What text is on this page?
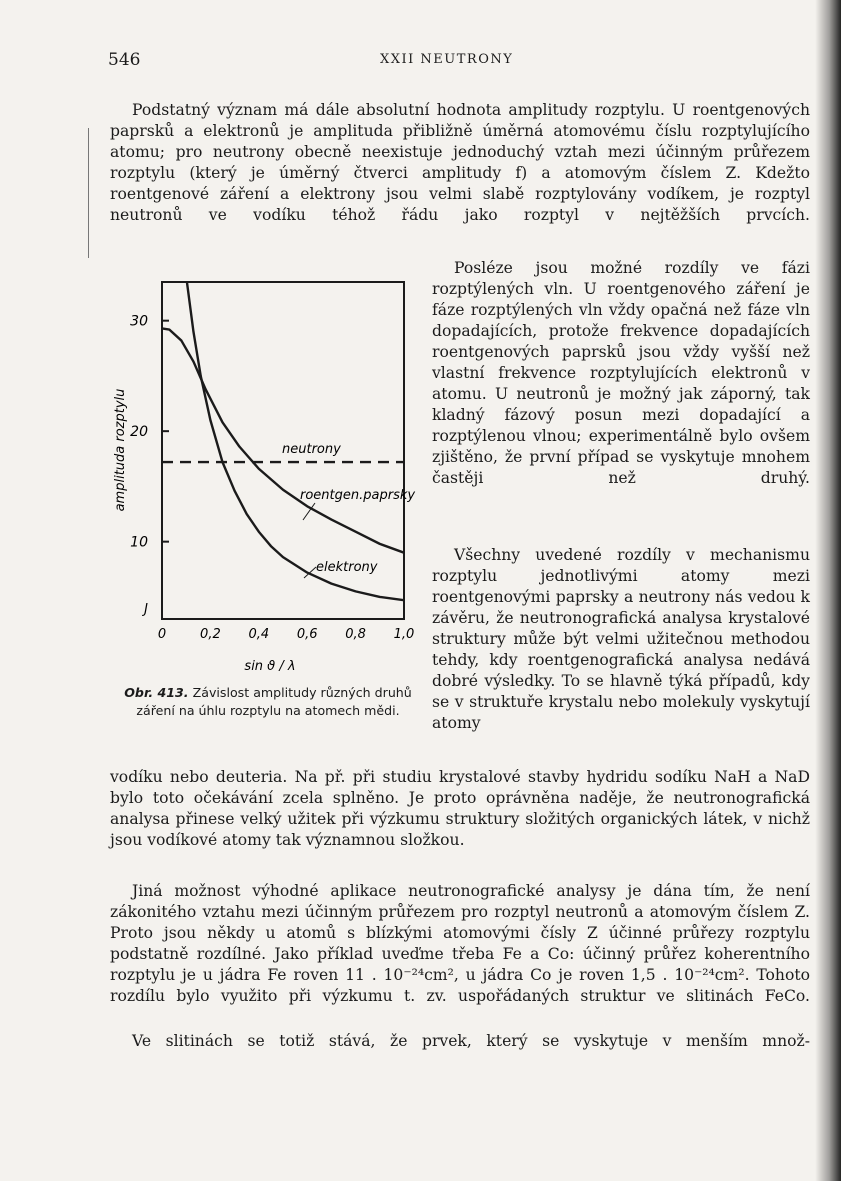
546	XXII NEUTRONY

Podstatný význam má dále absolutní hodnota amplitudy rozptylu. U roentgenových paprsků a elektronů je amplituda přibližně úměrná atomovému číslu rozptylujícího atomu; pro neutrony obecně neexistuje jednoduchý vztah mezi účinným průřezem rozptylu (který je úměrný čtverci amplitudy f) a atomovým číslem Z. Kdežto roentgenové záření a elektrony jsou velmi slabě rozptylovány vodíkem, je rozptyl neutronů ve vodíku téhož řádu jako rozptyl v nejtěžších prvcích.

Posléze jsou možné rozdíly ve fázi rozptýlených vln. U roentgenového záření je fáze rozptýlených vln vždy opačná než fáze vln dopadajících, protože frekvence dopadajících roentgenových paprsků jsou vždy vyšší než vlastní frekvence rozptylujících elektronů v atomu. U neutronů je možný jak záporný, tak kladný fázový posun mezi dopadající a rozptýlenou vlnou; experimentálně bylo ovšem zjištěno, že první případ se vyskytuje mnohem častěji než druhý.

Všechny uvedené rozdíly v mechanismu rozptylu jednotlivými atomy mezi roentgenovými paprsky a neutrony nás vedou k závěru, že neutronografická analysa krystalové struktury může být velmi užitečnou methodou tehdy, kdy roentgenografická analysa nedává dobré výsledky. To se hlavně týká případů, kdy se v struktuře krystalu nebo molekuly vyskytují atomy

vodíku nebo deuteria. Na př. při studiu krystalové stavby hydridu sodíku NaH a NaD bylo toto očekávání zcela splněno. Je proto oprávněna naděje, že neutronografická analysa přinese velký užitek při výzkumu struktury složitých organických látek, v nichž jsou vodíkové atomy tak významnou složkou.

Jiná možnost výhodné aplikace neutronografické analysy je dána tím, že není zákonitého vztahu mezi účinným průřezem pro rozptyl neutronů a atomovým číslem Z. Proto jsou někdy u atomů s blízkými atomovými čísly Z účinné průřezy rozptylu podstatně rozdílné. Jako příklad uveďme třeba Fe a Co: účinný průřez koherentního rozptylu je u jádra Fe roven 11 . 10⁻²⁴cm², u jádra Co je roven 1,5 . 10⁻²⁴cm². Tohoto rozdílu bylo využito při výzkumu t. zv. uspořádaných struktur ve slitinách FeCo.

Ve slitinách se totiž stává, že prvek, který se vyskytuje v menším množ-

0	0,2 0,4 0,6 0,8 1,0
30
20
10
J
amplituda rozptylu	neutrony
roentgen.paprsky
elektrony
sin ϑ / λ
Obr. 413. Závislost amplitudy různých druhů záření na úhlu rozptylu na atomech mědi.
